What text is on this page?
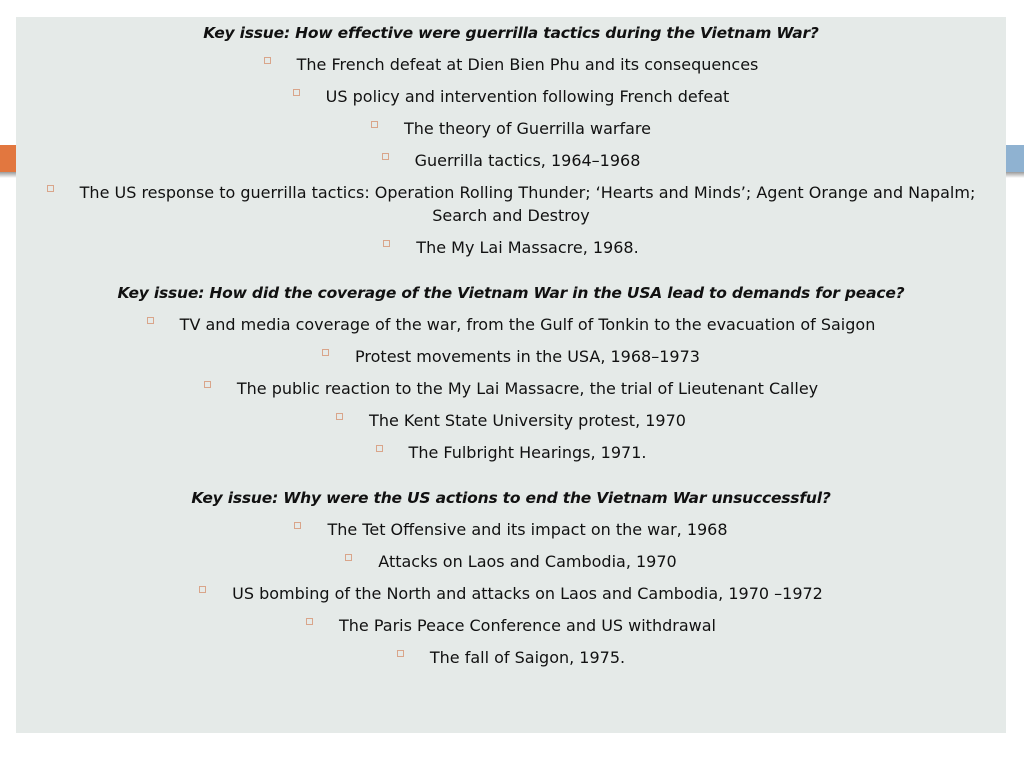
Key issue: How effective were guerrilla tactics during the Vietnam War?

The French defeat at Dien Bien Phu and its consequences
US policy and intervention following French defeat
The theory of Guerrilla warfare
Guerrilla tactics, 1964–1968
The US response to guerrilla tactics: Operation Rolling Thunder; ‘Hearts and Minds’; Agent Orange and Napalm; Search and Destroy
The My Lai Massacre, 1968.

Key issue: How did the coverage of the Vietnam War in the USA lead to demands for peace?

TV and media coverage of the war, from the Gulf of Tonkin to the evacuation of Saigon
Protest movements in the USA, 1968–1973
The public reaction to the My Lai Massacre, the trial of Lieutenant Calley
The Kent State University protest, 1970
The Fulbright Hearings, 1971.

Key issue: Why were the US actions to end the Vietnam War unsuccessful?

The Tet Offensive and its impact on the war, 1968
Attacks on Laos and Cambodia, 1970
US bombing of the North and attacks on Laos and Cambodia, 1970 –1972
The Paris Peace Conference and US withdrawal
The fall of Saigon, 1975.
